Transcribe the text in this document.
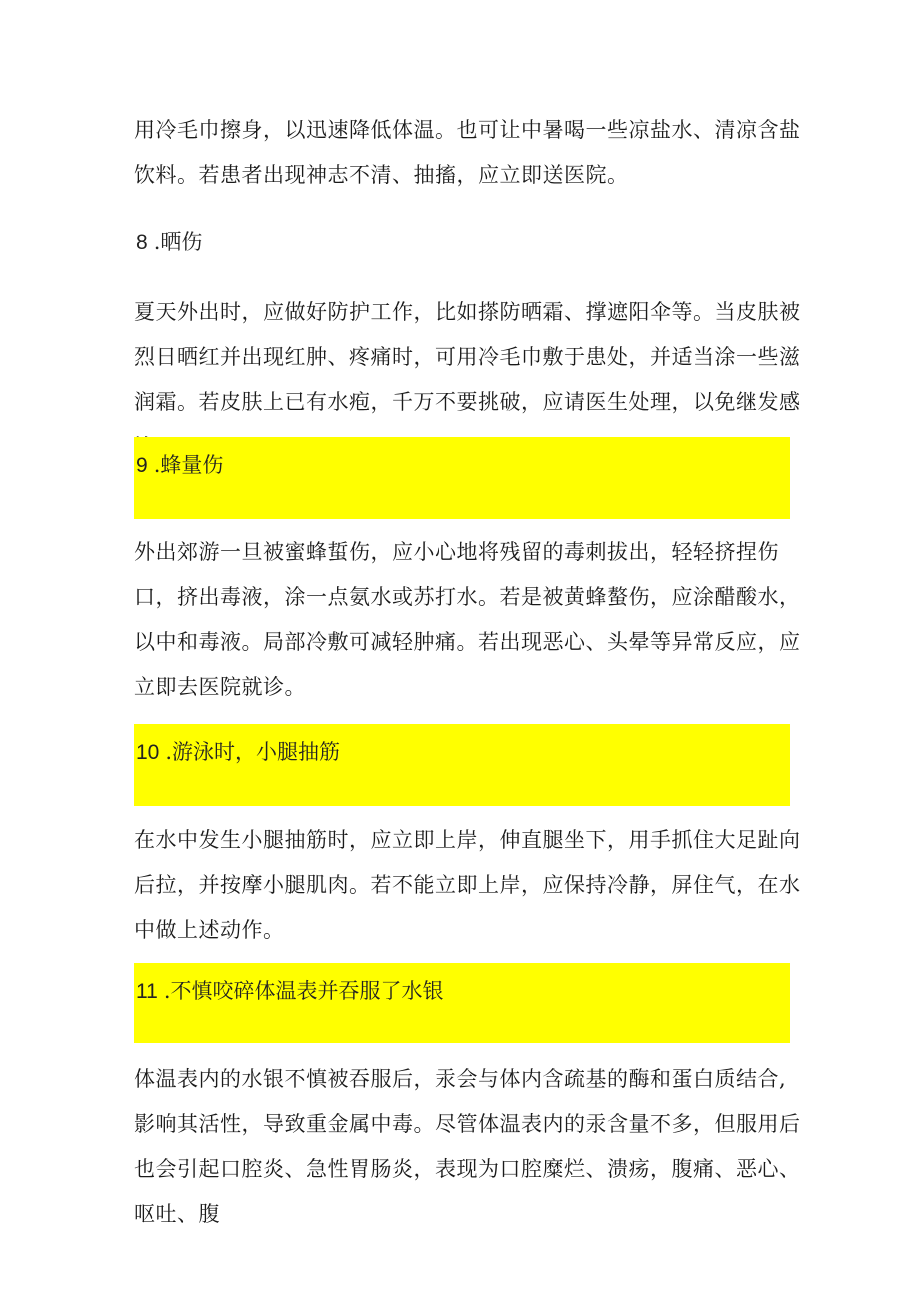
用冷毛巾擦身，以迅速降低体温。也可让中暑喝一些凉盐水、清凉含盐饮料。若患者出现神志不清、抽搐，应立即送医院。

8 .晒伤

夏天外出时，应做好防护工作，比如搽防晒霜、撑遮阳伞等。当皮肤被烈日晒红并出现红肿、疼痛时，可用冷毛巾敷于患处，并适当涂一些滋润霜。若皮肤上已有水疱，千万不要挑破，应请医生处理，以免继发感

9 .蜂量伤

外出郊游一旦被蜜蜂蜇伤，应小心地将残留的毒刺拔出，轻轻挤捏伤口，挤出毒液，涂一点氨水或苏打水。若是被黄蜂螯伤，应涂醋酸水，以中和毒液。局部冷敷可减轻肿痛。若出现恶心、头晕等异常反应，应立即去医院就诊。

10 .游泳时，小腿抽筋

在水中发生小腿抽筋时，应立即上岸，伸直腿坐下，用手抓住大足趾向后拉，并按摩小腿肌肉。若不能立即上岸，应保持冷静，屏住气，在水中做上述动作。

11 .不慎咬碎体温表并吞服了水银

体温表内的水银不慎被吞服后，汞会与体内含疏基的酶和蛋白质结合,影响其活性，导致重金属中毒。尽管体温表内的汞含量不多，但服用后也会引起口腔炎、急性胃肠炎，表现为口腔糜烂、溃疡，腹痛、恶心、呕吐、腹
